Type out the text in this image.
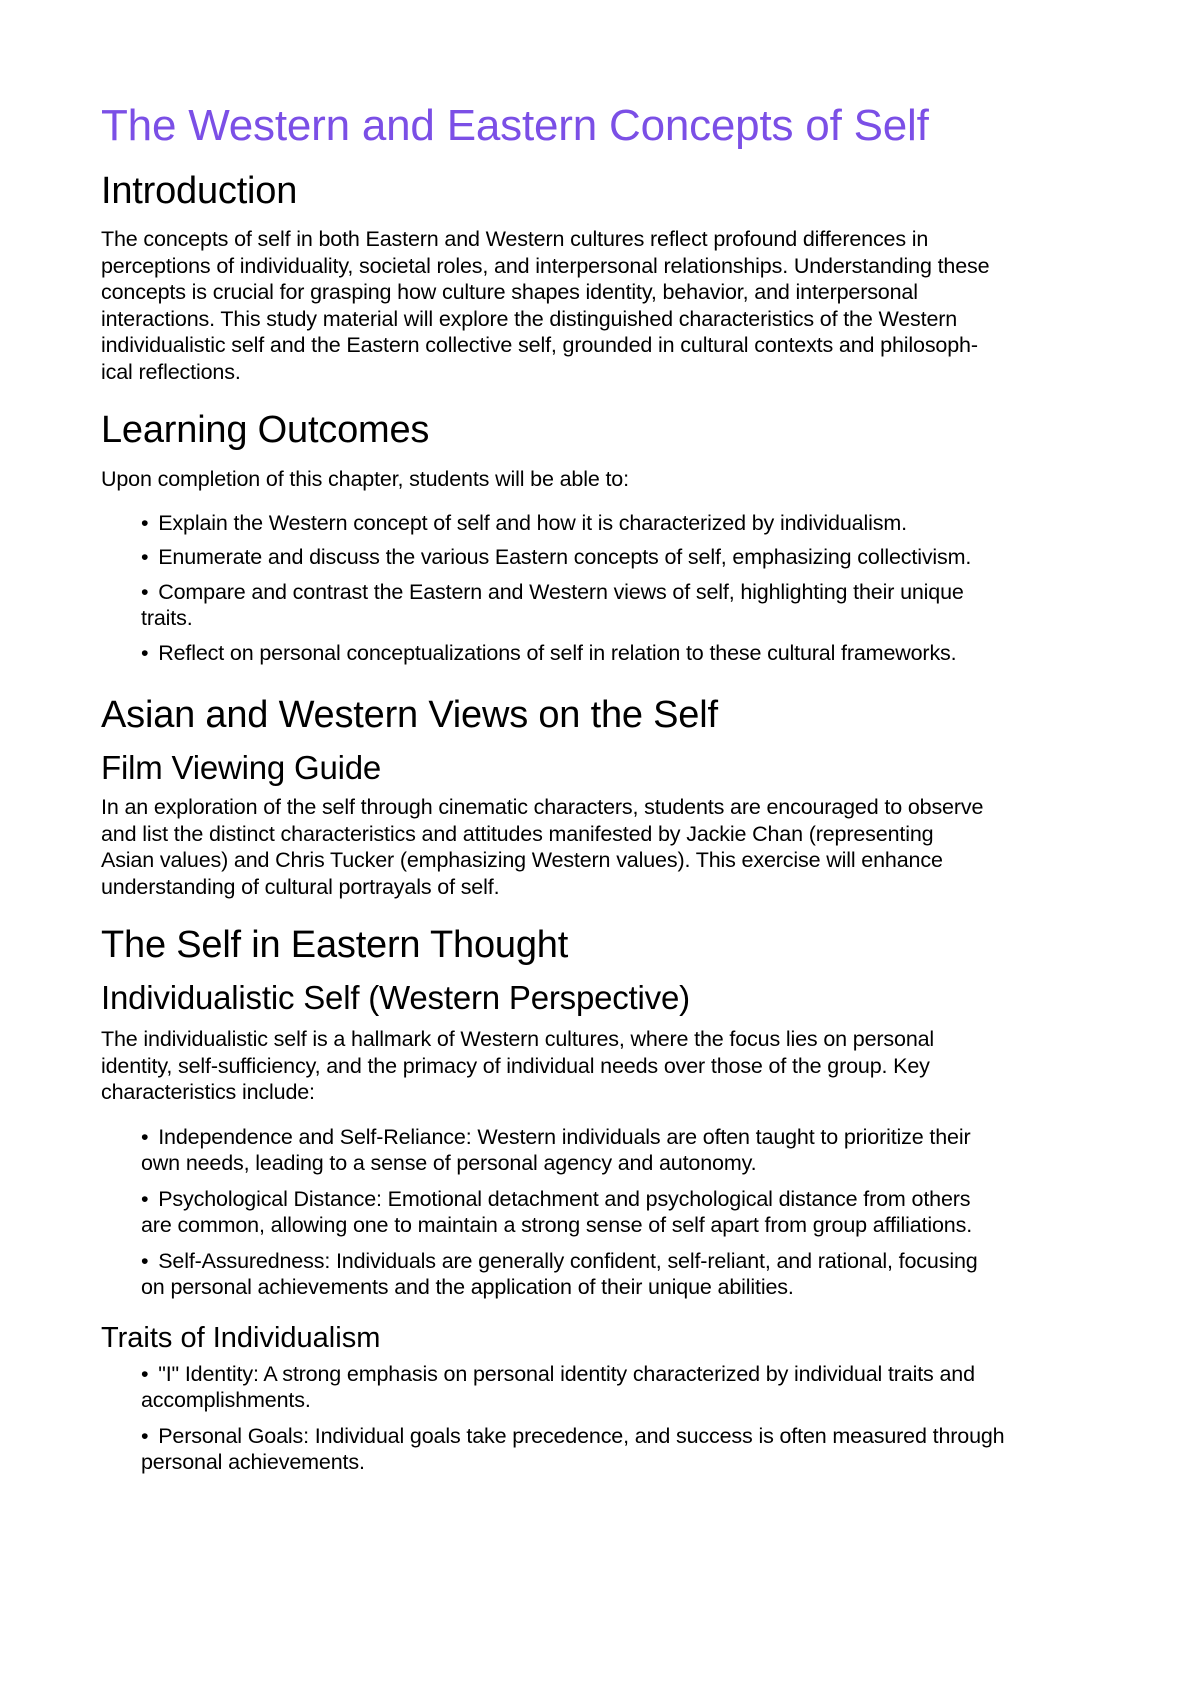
The Western and Eastern Concepts of Self
Introduction

The concepts of self in both Eastern and Western cultures reflect profound differences in
perceptions of individuality, societal roles, and interpersonal relationships. Understanding these
concepts is crucial for grasping how culture shapes identity, behavior, and interpersonal
interactions. This study material will explore the distinguished characteristics of the Western
individualistic self and the Eastern collective self, grounded in cultural contexts and philosoph-
ical reflections.

Learning Outcomes

Upon completion of this chapter, students will be able to:

• Explain the Western concept of self and how it is characterized by individualism.
• Enumerate and discuss the various Eastern concepts of self, emphasizing collectivism.
• Compare and contrast the Eastern and Western views of self, highlighting their unique
traits.
• Reflect on personal conceptualizations of self in relation to these cultural frameworks.
Asian and Western Views on the Self
Film Viewing Guide

In an exploration of the self through cinematic characters, students are encouraged to observe
and list the distinct characteristics and attitudes manifested by Jackie Chan (representing
Asian values) and Chris Tucker (emphasizing Western values). This exercise will enhance
understanding of cultural portrayals of self.

The Self in Eastern Thought
Individualistic Self (Western Perspective)

The individualistic self is a hallmark of Western cultures, where the focus lies on personal
identity, self-sufficiency, and the primacy of individual needs over those of the group. Key
characteristics include:

• Independence and Self-Reliance: Western individuals are often taught to prioritize their
own needs, leading to a sense of personal agency and autonomy.
• Psychological Distance: Emotional detachment and psychological distance from others
are common, allowing one to maintain a strong sense of self apart from group affiliations.
• Self-Assuredness: Individuals are generally confident, self-reliant, and rational, focusing
on personal achievements and the application of their unique abilities.
Traits of Individualism
• "I" Identity: A strong emphasis on personal identity characterized by individual traits and
accomplishments.
• Personal Goals: Individual goals take precedence, and success is often measured through
personal achievements.
